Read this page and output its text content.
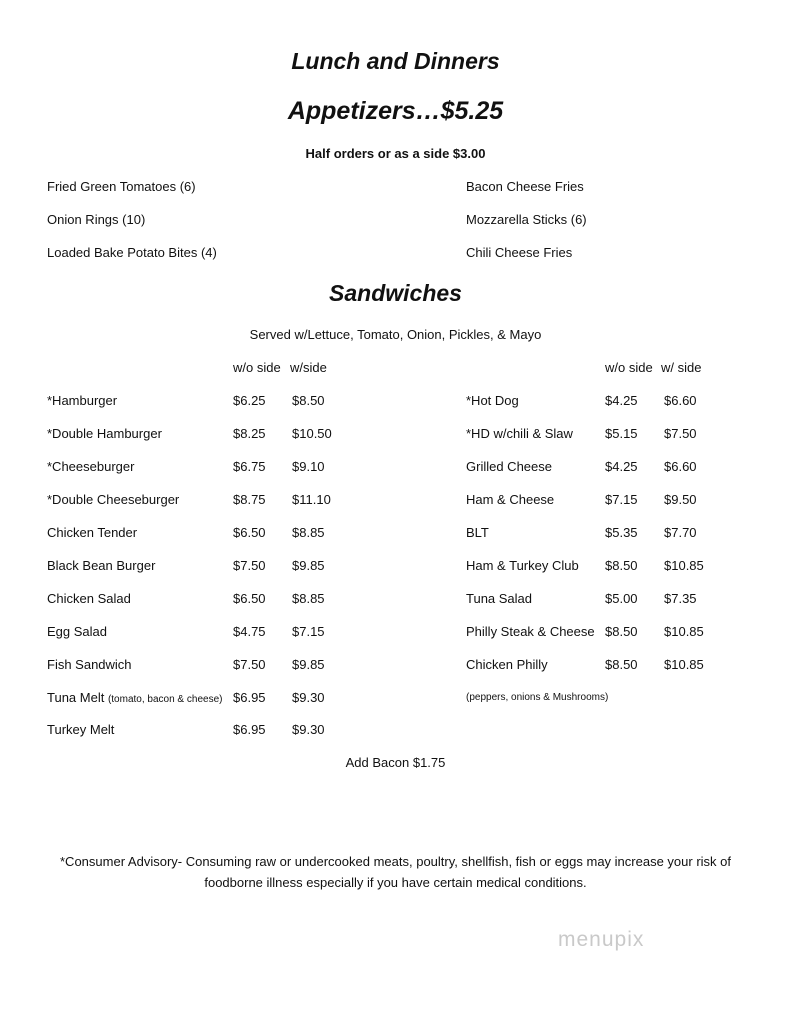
Lunch and Dinners
Appetizers…$5.25
Half orders or as a side $3.00
Fried Green Tomatoes (6)
Onion Rings (10)
Loaded Bake Potato Bites (4)
Bacon Cheese Fries
Mozzarella Sticks (6)
Chili Cheese Fries
Sandwiches
Served w/Lettuce, Tomato, Onion, Pickles, & Mayo
w/o side w/side	w/o side w/ side
*Hamburger	$6.25 $8.50
*Double Hamburger	$8.25 $10.50
*Cheeseburger	$6.75 $9.10
*Double Cheeseburger	$8.75 $11.10
Chicken Tender	$6.50 $8.85
Black Bean Burger	$7.50 $9.85
Chicken Salad	$6.50 $8.85
Egg Salad	$4.75 $7.15
Fish Sandwich	$7.50 $9.85
Tuna Melt (tomato, bacon & cheese) $6.95 $9.30
Turkey Melt	$6.95 $9.30
*Hot Dog	$4.25 $6.60
*HD w/chili & Slaw $5.15 $7.50
Grilled Cheese	$4.25 $6.60
Ham & Cheese	$7.15 $9.50
BLT	$5.35 $7.70
Ham & Turkey Club $8.50 $10.85
Tuna Salad	$5.00 $7.35
Philly Steak & Cheese $8.50 $10.85
Chicken Philly	$8.50 $10.85
(peppers, onions & Mushrooms)
Add Bacon $1.75
*Consumer Advisory- Consuming raw or undercooked meats, poultry, shellfish, fish or eggs may increase your risk of foodborne illness especially if you have certain medical conditions.
menupix
